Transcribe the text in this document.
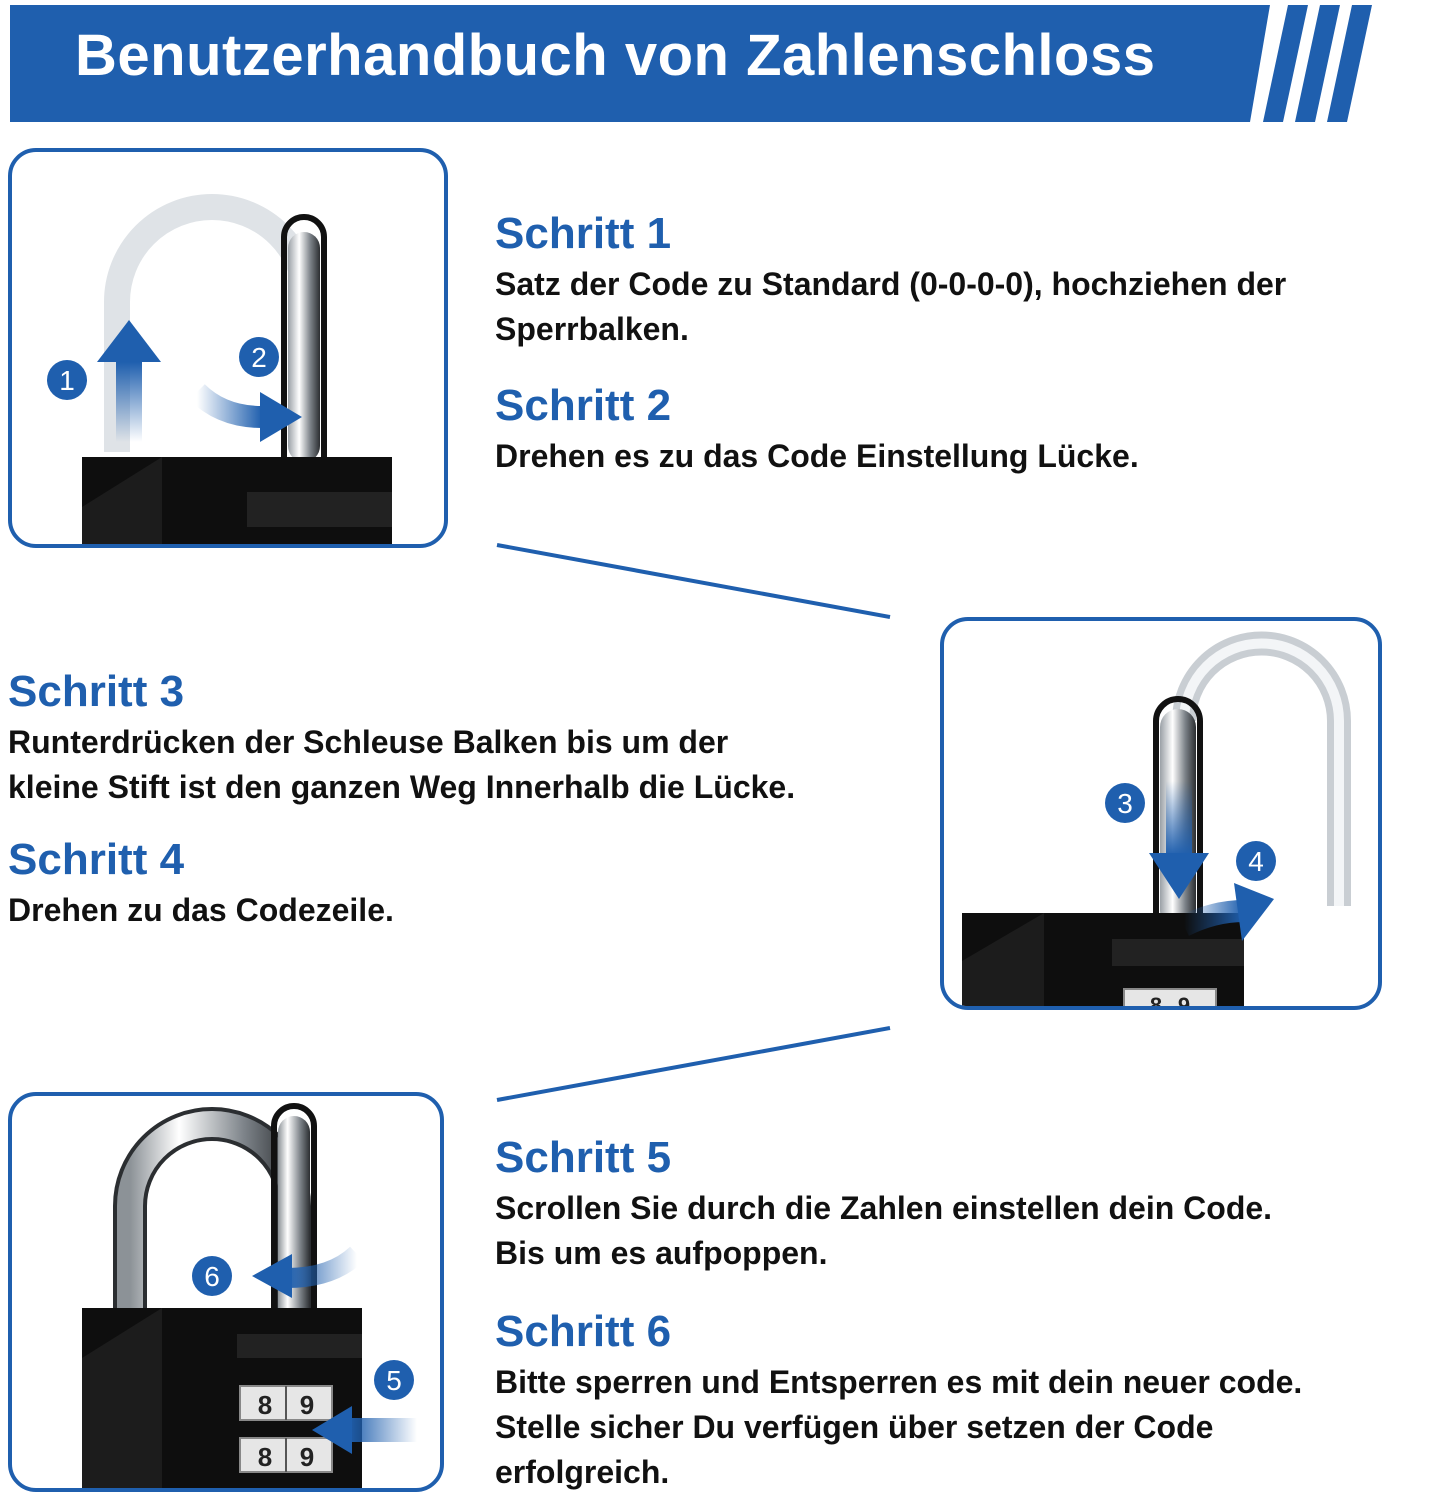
Benutzerhandbuch von Zahlenschloss
1
2
Schritt 1
Satz der Code zu Standard (0-0-0-0), hochziehen der
Sperrbalken.
Schritt 2
Drehen es zu das Code Einstellung Lücke.
Schritt 3
Runterdrücken der Schleuse Balken bis um der
kleine Stift ist den ganzen Weg Innerhalb die Lücke.
Schritt 4
Drehen zu das Codezeile.
8 9
3
4
8 9
8 9
6
5
Schritt 5
Scrollen Sie durch die Zahlen einstellen dein Code.
Bis um es aufpoppen.
Schritt 6
Bitte sperren und Entsperren es mit dein neuer code.
Stelle sicher Du verfügen über setzen der Code
erfolgreich.
